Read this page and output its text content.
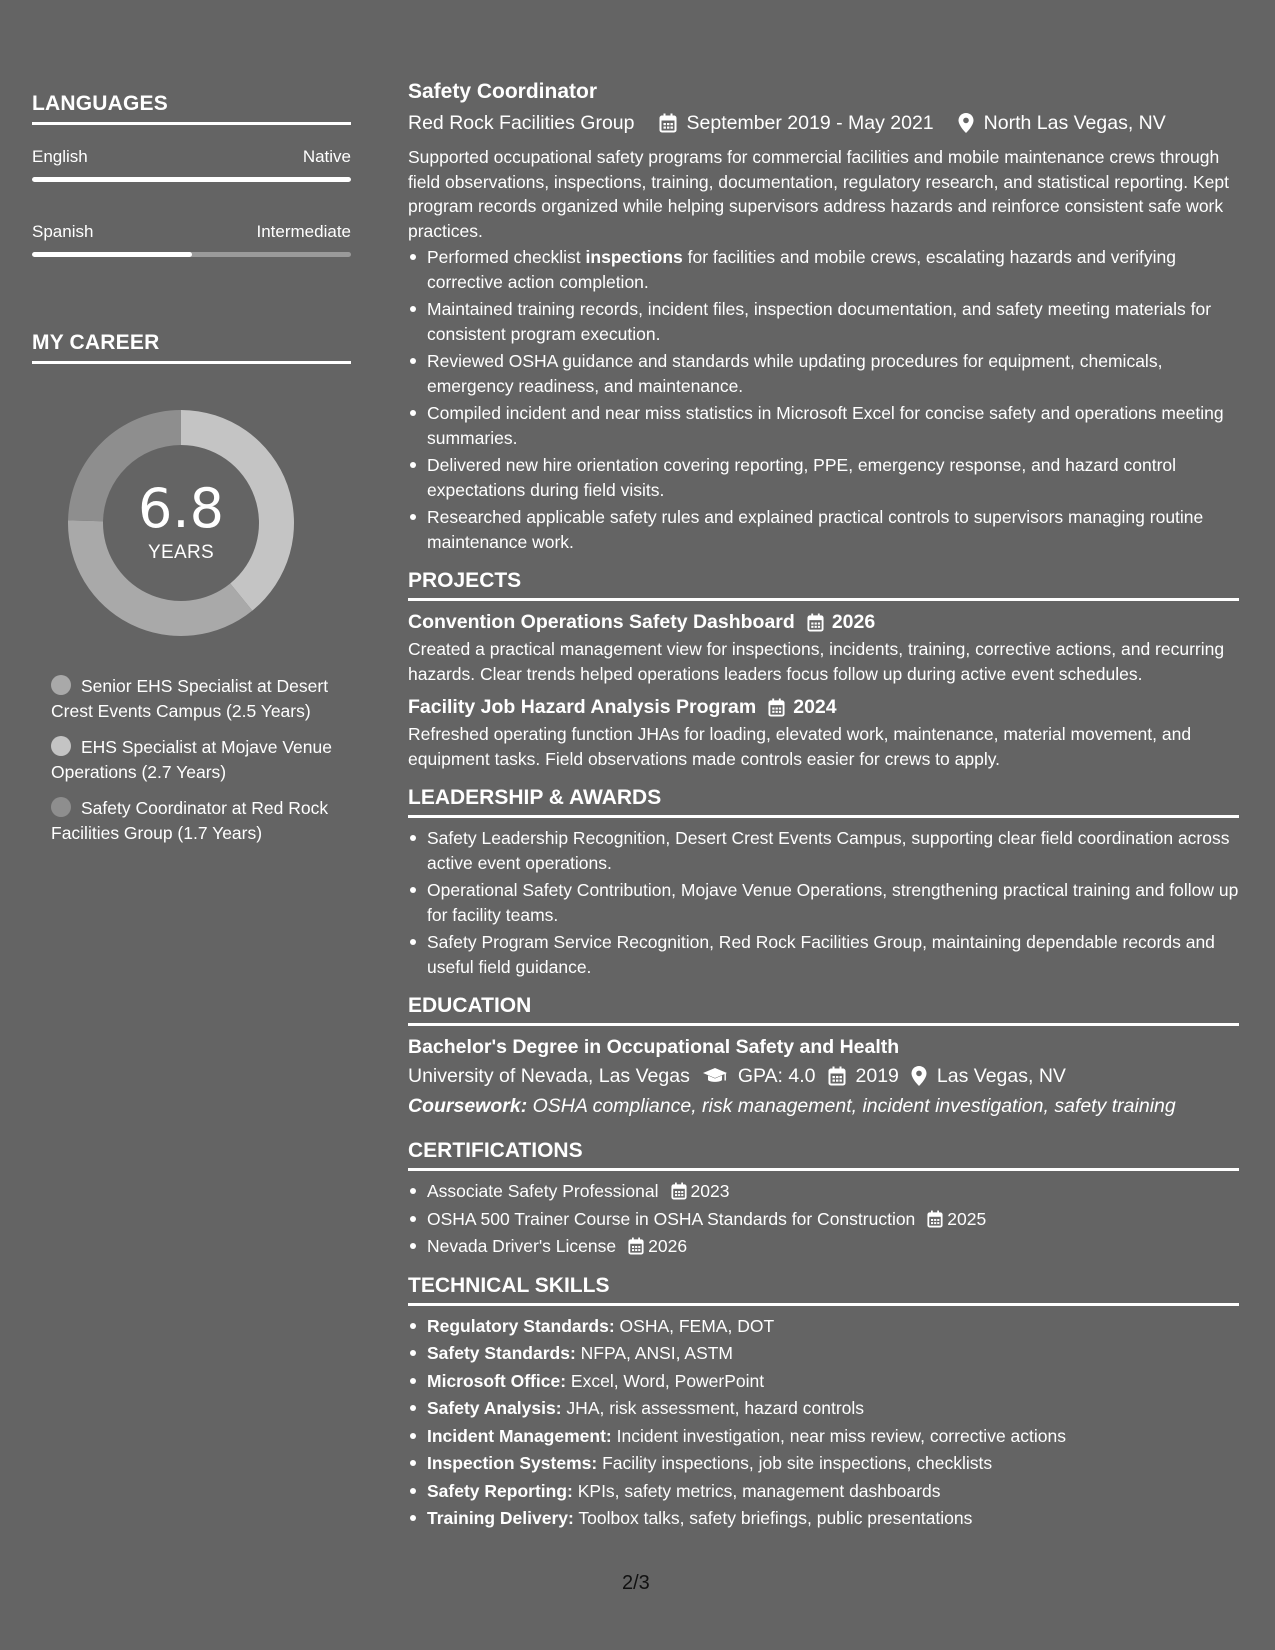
LANGUAGES
English	Native
Spanish	Intermediate
MY CAREER
6.8
YEARS
Senior EHS Specialist at Desert Crest Events Campus (2.5 Years)
EHS Specialist at Mojave Venue Operations (2.7 Years)
Safety Coordinator at Red Rock Facilities Group (1.7 Years)
Safety Coordinator
Red Rock Facilities Group	September 2019 - May 2021	North Las Vegas, NV

Supported occupational safety programs for commercial facilities and mobile maintenance crews through field observations, inspections, training, documentation, regulatory research, and statistical reporting. Kept program records organized while helping supervisors address hazards and reinforce consistent safe work practices.

Performed checklist inspections for facilities and mobile crews, escalating hazards and verifying corrective action completion.
Maintained training records, incident files, inspection documentation, and safety meeting materials for consistent program execution.
Reviewed OSHA guidance and standards while updating procedures for equipment, chemicals, emergency readiness, and maintenance.
Compiled incident and near miss statistics in Microsoft Excel for concise safety and operations meeting summaries.
Delivered new hire orientation covering reporting, PPE, emergency response, and hazard control expectations during field visits.
Researched applicable safety rules and explained practical controls to supervisors managing routine maintenance work.
PROJECTS
Convention Operations Safety Dashboard 2026

Created a practical management view for inspections, incidents, training, corrective actions, and recurring hazards. Clear trends helped operations leaders focus follow up during active event schedules.

Facility Job Hazard Analysis Program 2024

Refreshed operating function JHAs for loading, elevated work, maintenance, material movement, and equipment tasks. Field observations made controls easier for crews to apply.

LEADERSHIP & AWARDS
Safety Leadership Recognition, Desert Crest Events Campus, supporting clear field coordination across active event operations.
Operational Safety Contribution, Mojave Venue Operations, strengthening practical training and follow up for facility teams.
Safety Program Service Recognition, Red Rock Facilities Group, maintaining dependable records and useful field guidance.
EDUCATION
Bachelor's Degree in Occupational Safety and Health
University of Nevada, Las Vegas GPA: 4.0 2019 Las Vegas, NV
Coursework: OSHA compliance, risk management, incident investigation, safety training
CERTIFICATIONS
Associate Safety Professional 2023
OSHA 500 Trainer Course in OSHA Standards for Construction 2025
Nevada Driver's License 2026
TECHNICAL SKILLS
Regulatory Standards: OSHA, FEMA, DOT
Safety Standards: NFPA, ANSI, ASTM
Microsoft Office: Excel, Word, PowerPoint
Safety Analysis: JHA, risk assessment, hazard controls
Incident Management: Incident investigation, near miss review, corrective actions
Inspection Systems: Facility inspections, job site inspections, checklists
Safety Reporting: KPIs, safety metrics, management dashboards
Training Delivery: Toolbox talks, safety briefings, public presentations
2/3
